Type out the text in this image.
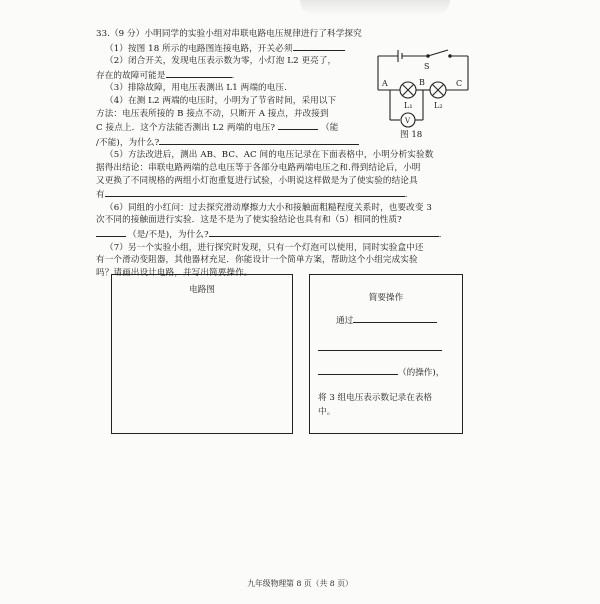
33.（9 分）小明同学的实验小组对串联电路电压规律进行了科学探究
（1）按图 18 所示的电路图连接电路，开关必须
（2）闭合开关，发现电压表示数为零，小灯泡 L2 更亮了，
存在的故障可能是	.
（3）排除故障，用电压表测出 L1 两端的电压.
（4）在测 L2 两端的电压时，小明为了节省时间，采用以下
方法：电压表所接的 B 接点不动，只断开 A 接点，并改接到
C 接点上．这个方法能否测出 L2 两端的电压?	（能
/不能)，为什么?
（5）方法改进后，测出 AB、BC、AC 间的电压记录在下面表格中，小明分析实验数
据得出结论：串联电路两端的总电压等于各部分电路两端电压之和.得到结论后，小明
又更换了不同规格的两组小灯泡重复进行试验，小明说这样做是为了使实验的结论具
有	.
（6）同组的小红问：过去探究滑动摩擦力大小和接触面粗糙程度关系时，也要改变 3
次不同的接触面进行实验．这是不是为了使实验结论也具有和（5）相同的性质?
（是/不是)，为什么?	.
（7）另一个实验小组，进行探究时发现，只有一个灯泡可以使用，同时实验盒中还
有一个滑动变阻器，其他器材充足．你能设计一个简单方案，帮助这个小组完成实验
吗？请画出设计电路，并写出简要操作。
S
A	B	C
L₁	L₂
V
图 18
电路图
简要操作
通过
（的操作)，
将 3 组电压表示数记录在表格
中。
九年级物理第 8 页（共 8 页）
